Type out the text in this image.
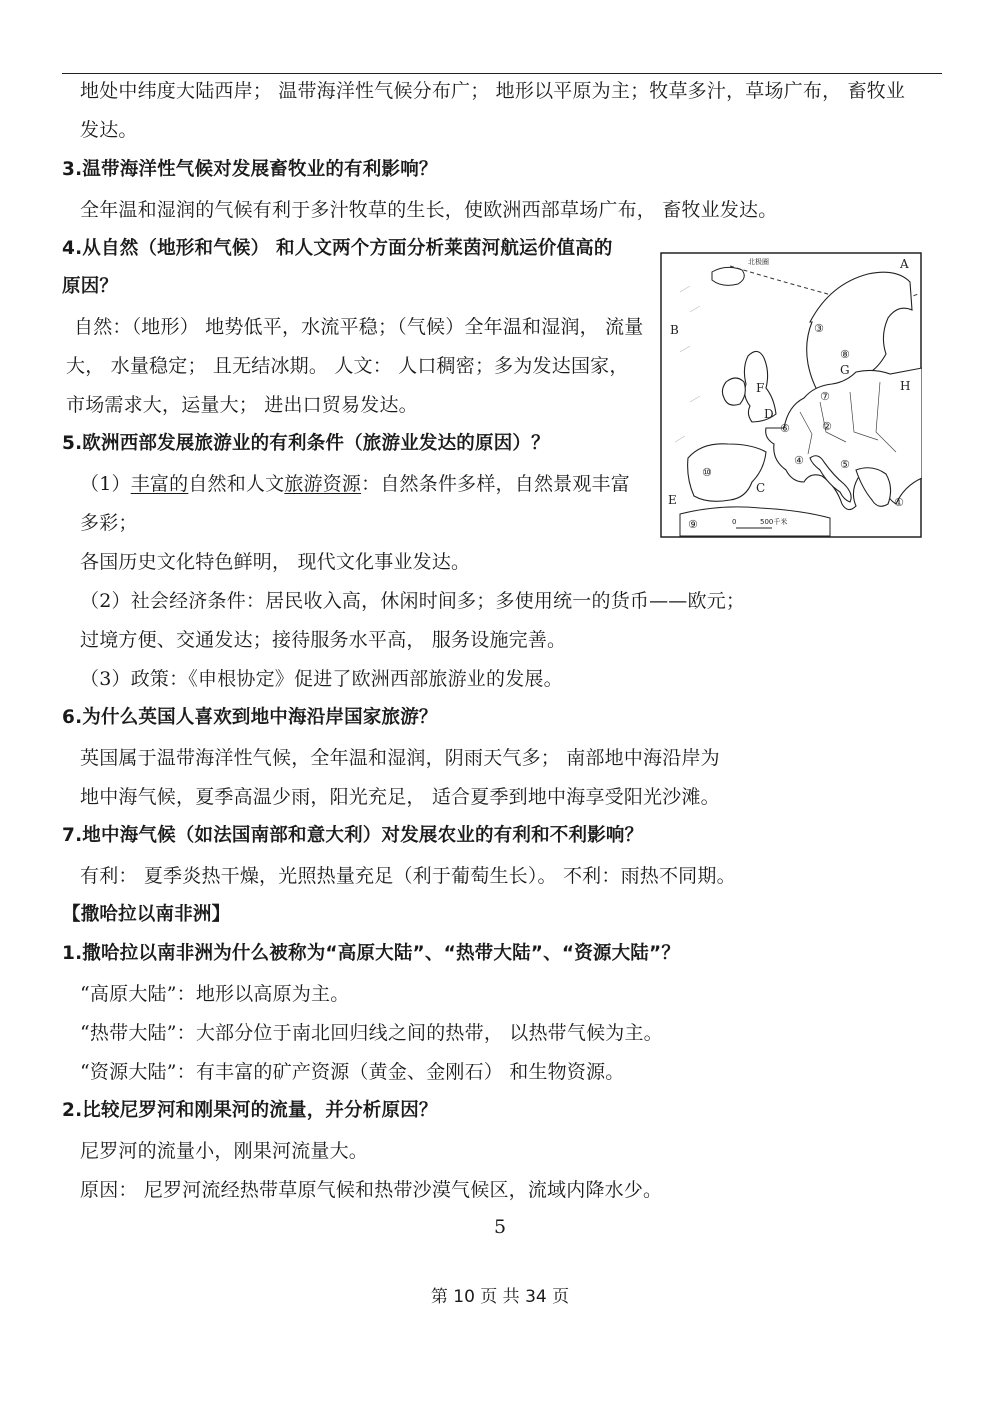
地处中纬度大陆西岸； 温带海洋性气候分布广； 地形以平原为主；牧草多汁，草场广布， 畜牧业
发达。
3.温带海洋性气候对发展畜牧业的有利影响？
全年温和湿润的气候有利于多汁牧草的生长，使欧洲西部草场广布， 畜牧业发达。
4.从自然（地形和气候） 和人文两个方面分析莱茵河航运价值高的
原因？
自然：（地形） 地势低平，水流平稳；（气候）全年温和湿润， 流量
大， 水量稳定； 且无结冰期。 人文： 人口稠密；多为发达国家，
市场需求大，运量大； 进出口贸易发达。
5.欧洲西部发展旅游业的有利条件（旅游业发达的原因）？
（1）丰富的自然和人文旅游资源：自然条件多样，自然景观丰富
多彩；
各国历史文化特色鲜明， 现代文化事业发达。
（2）社会经济条件：居民收入高，休闲时间多；多使用统一的货币——欧元；
过境方便、交通发达；接待服务水平高， 服务设施完善。
（3）政策：《申根协定》促进了欧洲西部旅游业的发展。
6.为什么英国人喜欢到地中海沿岸国家旅游？
英国属于温带海洋性气候，全年温和湿润，阴雨天气多； 南部地中海沿岸为
地中海气候，夏季高温少雨，阳光充足， 适合夏季到地中海享受阳光沙滩。
7.地中海气候（如法国南部和意大利）对发展农业的有利和不利影响？
有利： 夏季炎热干燥，光照热量充足（利于葡萄生长）。 不利：雨热不同期。
【撒哈拉以南非洲】
1.撒哈拉以南非洲为什么被称为“高原大陆”、“热带大陆”、“资源大陆”？
“高原大陆”：地形以高原为主。
“热带大陆”：大部分位于南北回归线之间的热带， 以热带气候为主。
“资源大陆”：有丰富的矿产资源（黄金、金刚石） 和生物资源。
2.比较尼罗河和刚果河的流量，并分析原因？
尼罗河的流量小，刚果河流量大。
原因： 尼罗河流经热带草原气候和热带沙漠气候区，流域内降水少。
5
第 10 页 共 34 页
A
B
C
D
E
F
G
H
①
②
③
④	⑤
⑥
⑦
⑧
⑨
⑩
北极圈
0	500千米
